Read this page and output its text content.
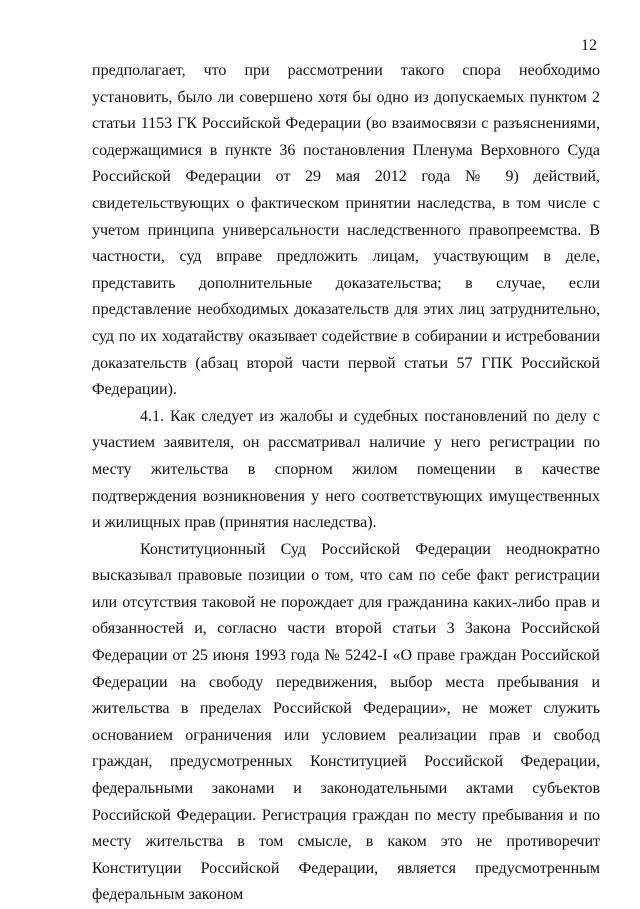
12

предполагает, что при рассмотрении такого спора необходимо установить, было ли совершено хотя бы одно из допускаемых пунктом 2 статьи 1153 ГК Российской Федерации (во взаимосвязи с разъяснениями, содержащимися в пункте 36 постановления Пленума Верховного Суда Российской Федерации от 29 мая 2012 года № 9) действий, свидетельствующих о фактическом принятии наследства, в том числе с учетом принципа универсальности наследственного правопреемства. В частности, суд вправе предложить лицам, участвующим в деле, представить дополнительные доказательства; в случае, если представление необходимых доказательств для этих лиц затруднительно, суд по их ходатайству оказывает содействие в собирании и истребовании доказательств (абзац второй части первой статьи 57 ГПК Российской Федерации).

4.1. Как следует из жалобы и судебных постановлений по делу с участием заявителя, он рассматривал наличие у него регистрации по месту жительства в спорном жилом помещении в качестве подтверждения возникновения у него соответствующих имущественных и жилищных прав (принятия наследства).

Конституционный Суд Российской Федерации неоднократно высказывал правовые позиции о том, что сам по себе факт регистрации или отсутствия таковой не порождает для гражданина каких-либо прав и обязанностей и, согласно части второй статьи 3 Закона Российской Федерации от 25 июня 1993 года № 5242-I «О праве граждан Российской Федерации на свободу передвижения, выбор места пребывания и жительства в пределах Российской Федерации», не может служить основанием ограничения или условием реализации прав и свобод граждан, предусмотренных Конституцией Российской Федерации, федеральными законами и законодательными актами субъектов Российской Федерации. Регистрация граждан по месту пребывания и по месту жительства в том смысле, в каком это не противоречит Конституции Российской Федерации, является предусмотренным федеральным законом
